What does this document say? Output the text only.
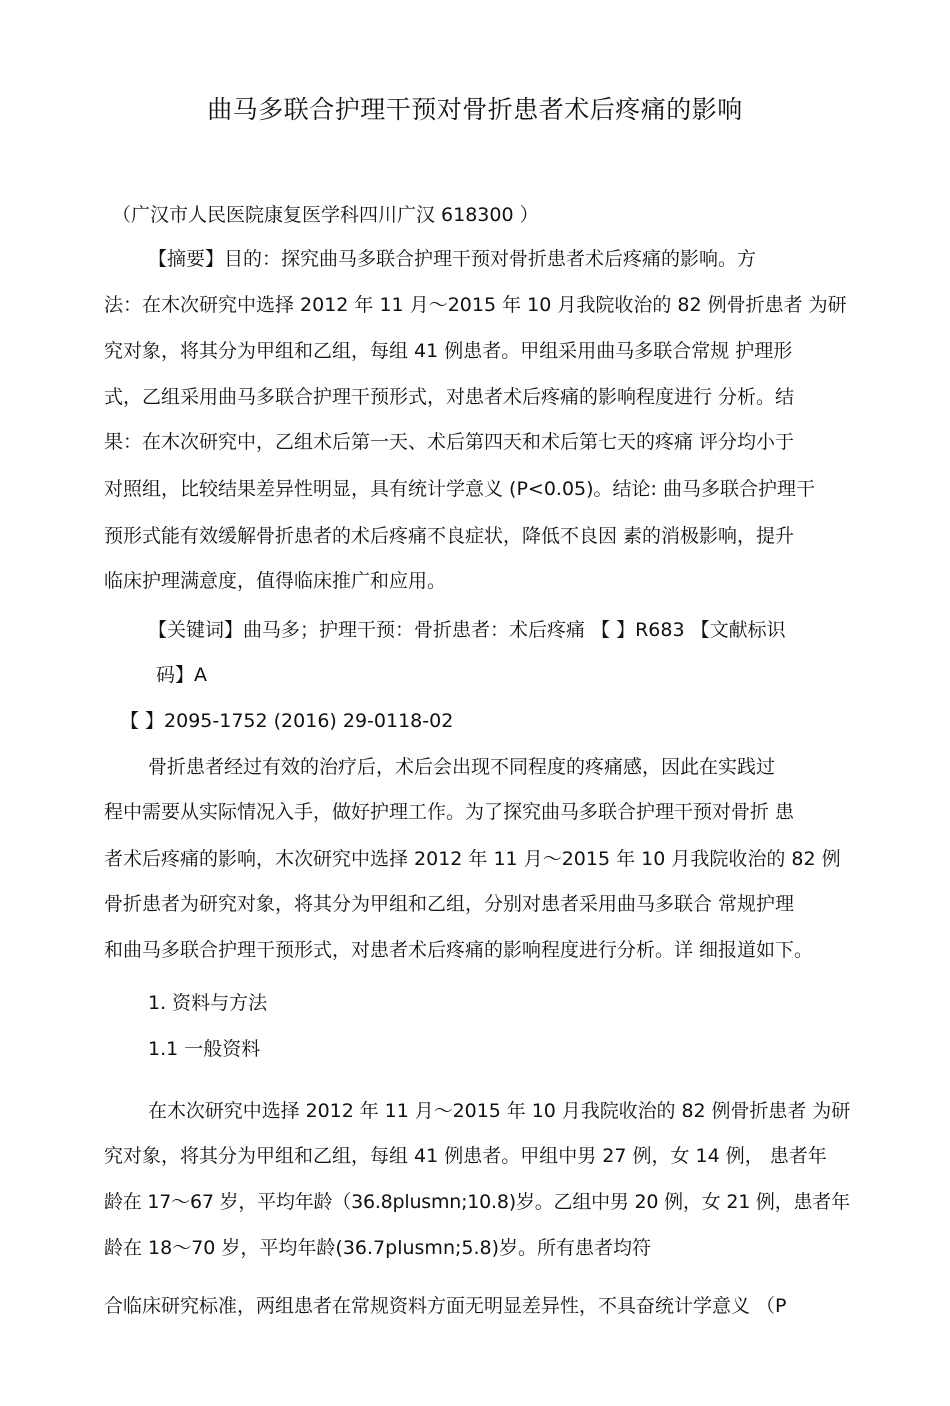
曲马多联合护理干预对骨折患者术后疼痛的影响
（广汉市人民医院康复医学科四川广汉 618300 ）
【摘要】目的：探究曲马多联合护理干预对骨折患者术后疼痛的影响。方
法：在木次研究中选择 2012 年 11 月〜2015 年 10 月我院收治的 82 例骨折患者 为研
究对象，将其分为甲组和乙组，每组 41 例患者。甲组采用曲马多联合常规 护理形
式，乙组采用曲马多联合护理干预形式，对患者术后疼痛的影响程度进行 分析。结
果：在木次研究中，乙组术后第一天、术后第四天和术后第七天的疼痛 评分均小于
对照组，比较结果差异性明显，具有统计学意义 (P<0.05)。结论: 曲马多联合护理干
预形式能有效缓解骨折患者的术后疼痛不良症状，降低不良因 素的消极影响，提升
临床护理满意度，值得临床推广和应用。
【关键词】曲马多；护理干预：骨折患者：术后疼痛 【 】R683 【文献标识
码】A
【 】2095-1752 (2016) 29-0118-02
骨折患者经过有效的治疗后，术后会出现不同程度的疼痛感，因此在实践过
程中需要从实际情况入手，做好护理工作。为了探究曲马多联合护理干预对骨折 患
者术后疼痛的影响，木次研究中选择 2012 年 11 月〜2015 年 10 月我院收治的 82 例
骨折患者为研究对象，将其分为甲组和乙组，分别对患者采用曲马多联合 常规护理
和曲马多联合护理干预形式，对患者术后疼痛的影响程度进行分析。详 细报道如下。
1. 资料与方法
1.1 一般资料
在木次研究中选择 2012 年 11 月〜2015 年 10 月我院收治的 82 例骨折患者 为研
究对象，将其分为甲组和乙组，每组 41 例患者。甲组中男 27 例，女 14 例， 患者年
龄在 17〜67 岁，平均年龄（36.8plusmn;10.8)岁。乙组中男 20 例，女 21 例，患者年
龄在 18〜70 岁，平均年龄(36.7plusmn;5.8)岁。所有患者均符
合临床研究标准，两组患者在常规资料方面无明显差异性，不具奋统计学意义 （P
